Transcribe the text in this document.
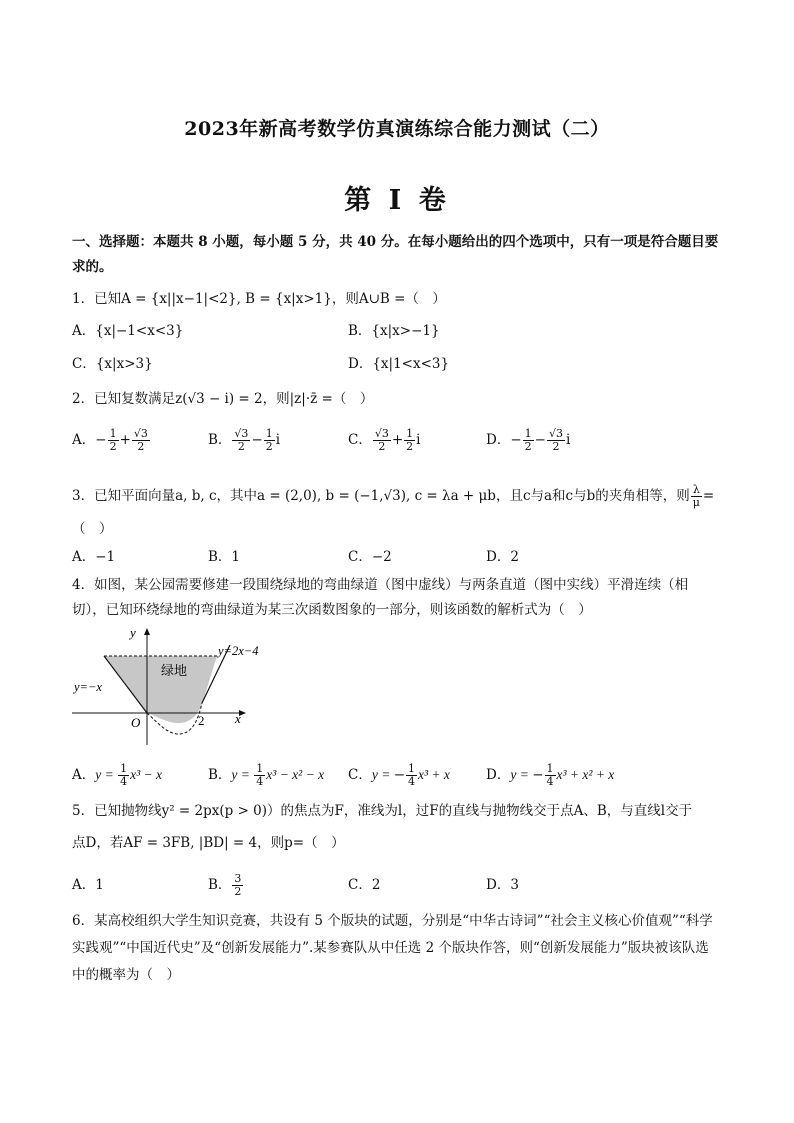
2023年新高考数学仿真演练综合能力测试（二）
第 I 卷
一、选择题：本题共 8 小题，每小题 5 分，共 40 分。在每小题给出的四个选项中，只有一项是符合题目要
求的。
1．已知A = {x||x−1|<2}, B = {x|x>1}，则A∪B =（　）
A．{x|−1<x<3}	B．{x|x>−1}
C．{x|x>3}	D．{x|1<x<3}
2．已知复数满足z(√3 − i) = 2，则|z|·z̄ =（　）
A．− $\frac{1}{2} + \frac{√3}{2}$	B． $\frac{√3}{2} - \frac{1}{2}$ i	C． $\frac{√3}{2} + \frac{1}{2}$ i	D．− $\frac{1}{2} - \frac{√3}{2}$ i
3．已知平面向量a, b, c，其中a = (2,0), b = (−1,√3), c = λa + μb，且c与a和c与b的夹角相等，则 $\frac{\lambda}{\mu}$ =
（　）
A．−1	B．1	C．−2	D．2
4．如图，某公园需要修建一段围绕绿地的弯曲绿道（图中虚线）与两条直道（图中实线）平滑连续（相
切），已知环绕绿地的弯曲绿道为某三次函数图象的一部分，则该函数的解析式为（　）
y
x
O	2
绿地
y=2x−4
y=−x
A．$y = \frac{1}{4} x^3 - x$	B．$y = \frac{1}{4} x^3 - x^2 - x$ C．y = − $\frac{1}{4} x^3 + x$	D．y = − $\frac{1}{4} x^3 + x^2 + x$
5．已知抛物线y² = 2px(p > 0)）的焦点为F，准线为l，过F的直线与抛物线交于点A、B，与直线l交于
点D，若AF = 3FB, |BD| = 4，则p=（　）
A．1	B． $\frac{3}{2}$	C．2	D．3
6．某高校组织大学生知识竞赛，共设有 5 个版块的试题，分别是“中华古诗词”“社会主义核心价值观”“科学
实践观”“中国近代史”及“创新发展能力”.某参赛队从中任选 2 个版块作答，则“创新发展能力”版块被该队选
中的概率为（　）
